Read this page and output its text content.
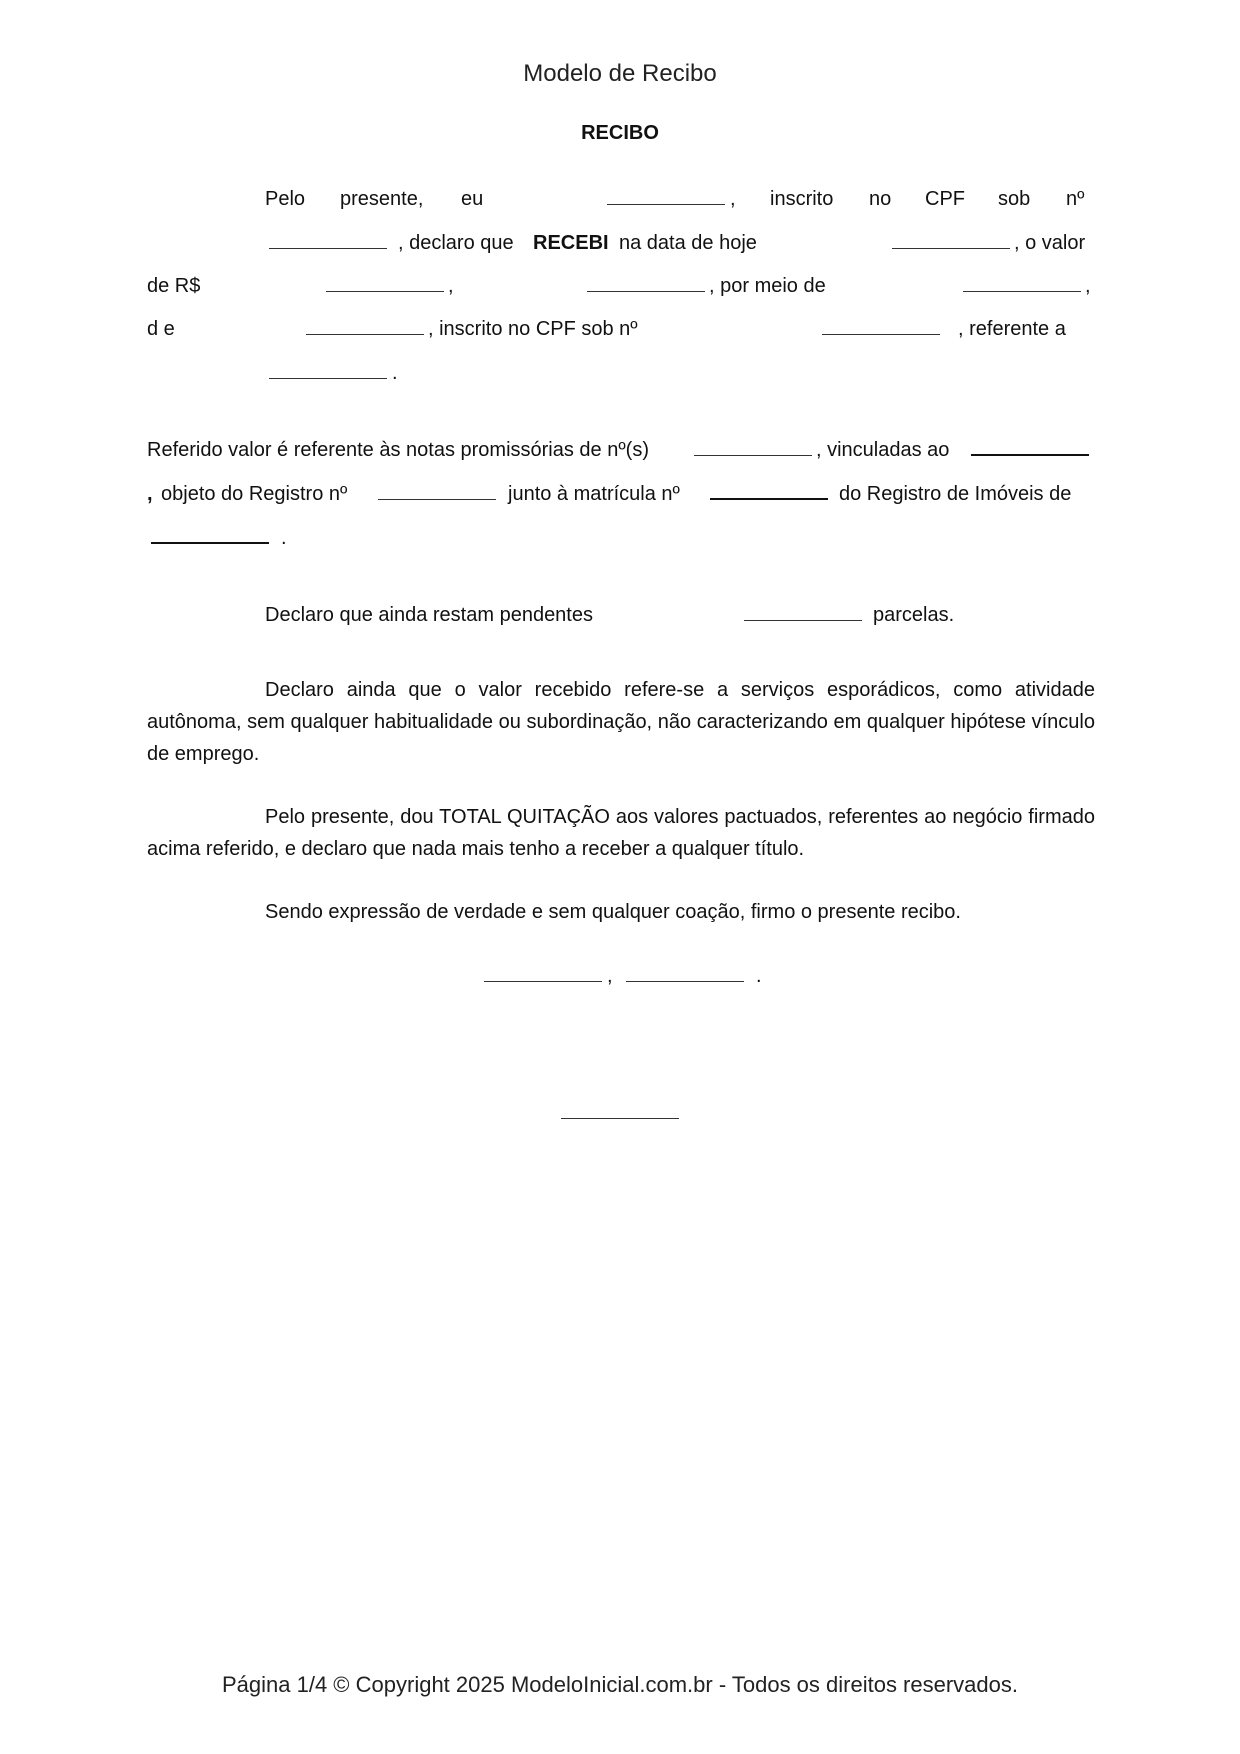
Modelo de Recibo
RECIBO
Pelo presente, eu	, inscrito no CPF sob nº
, declaro que RECEBI na data de hoje	, o valor
de R$	,	, por meio de	,
d e	, inscrito no CPF sob nº	, referente a
.
Referido valor é referente às notas promissórias de nº(s)	, vinculadas ao
, objeto do Registro nº	junto à matrícula nº	do Registro de Imóveis de
.
Declaro que ainda restam pendentes	parcelas.
Declaro ainda que o valor recebido refere-se a serviços esporádicos, como atividade autônoma, sem qualquer habitualidade ou subordinação, não caracterizando em qualquer hipótese vínculo de emprego.
Pelo presente, dou TOTAL QUITAÇÃO aos valores pactuados, referentes ao negócio firmado acima referido, e declaro que nada mais tenho a receber a qualquer título.
Sendo expressão de verdade e sem qualquer coação, firmo o presente recibo.
,	.
Página 1/4 © Copyright 2025 ModeloInicial.com.br - Todos os direitos reservados.
